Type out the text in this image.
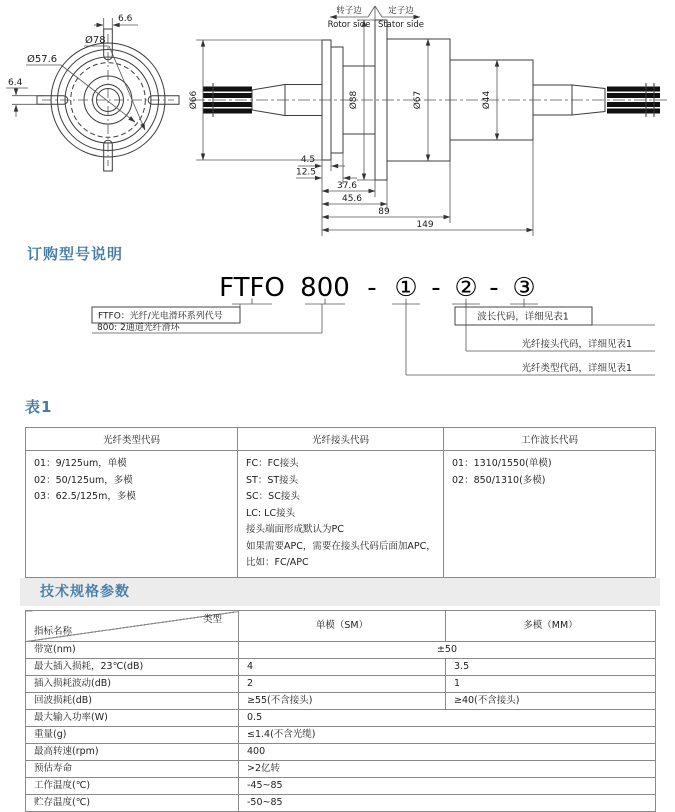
6.6
Ø78
Ø57.6
6.4
转子边
Rotor side
定子边
Stator side
Ø66	Ø88	Ø67	Ø44
4.5
12.5
37.6
45.6
89
149
订购型号说明
FTFO 800 - ① - ② - ③
FTFO：光纤/光电滑环系列代号
800: 2通道光纤滑环
波长代码，详细见表1
光纤接头代码，详细见表1
光纤类型代码，详细见表1
表1
光纤类型代码	光纤接头代码	工作波长代码

01：9/125um，单模
02：50/125um，多模
03：62.5/125m，多模

FC：FC接头
ST：ST接头
SC：SC接头
LC: LC接头
接头端面形成默认为PC
如果需要APC，需要在接头代码后面加APC，
比如：FC/APC

01：1310/1550(单模)
02：850/1310(多模)
技术规格参数
类型
指标名称	单模（SM）	多模（MM）
带宽(nm)	±50	
最大插入损耗，23℃(dB)	4	3.5
插入损耗波动(dB)	2	1
回波损耗(dB)	≥55(不含接头)	≥40(不含接头)
最大输入功率(W)	0.5	
重量(g)	≤1.4(不含光缆)	
最高转速(rpm)	400	
预估寿命	>2亿转	
工作温度(℃)	-45~85	
贮存温度(℃)	-50~85	
